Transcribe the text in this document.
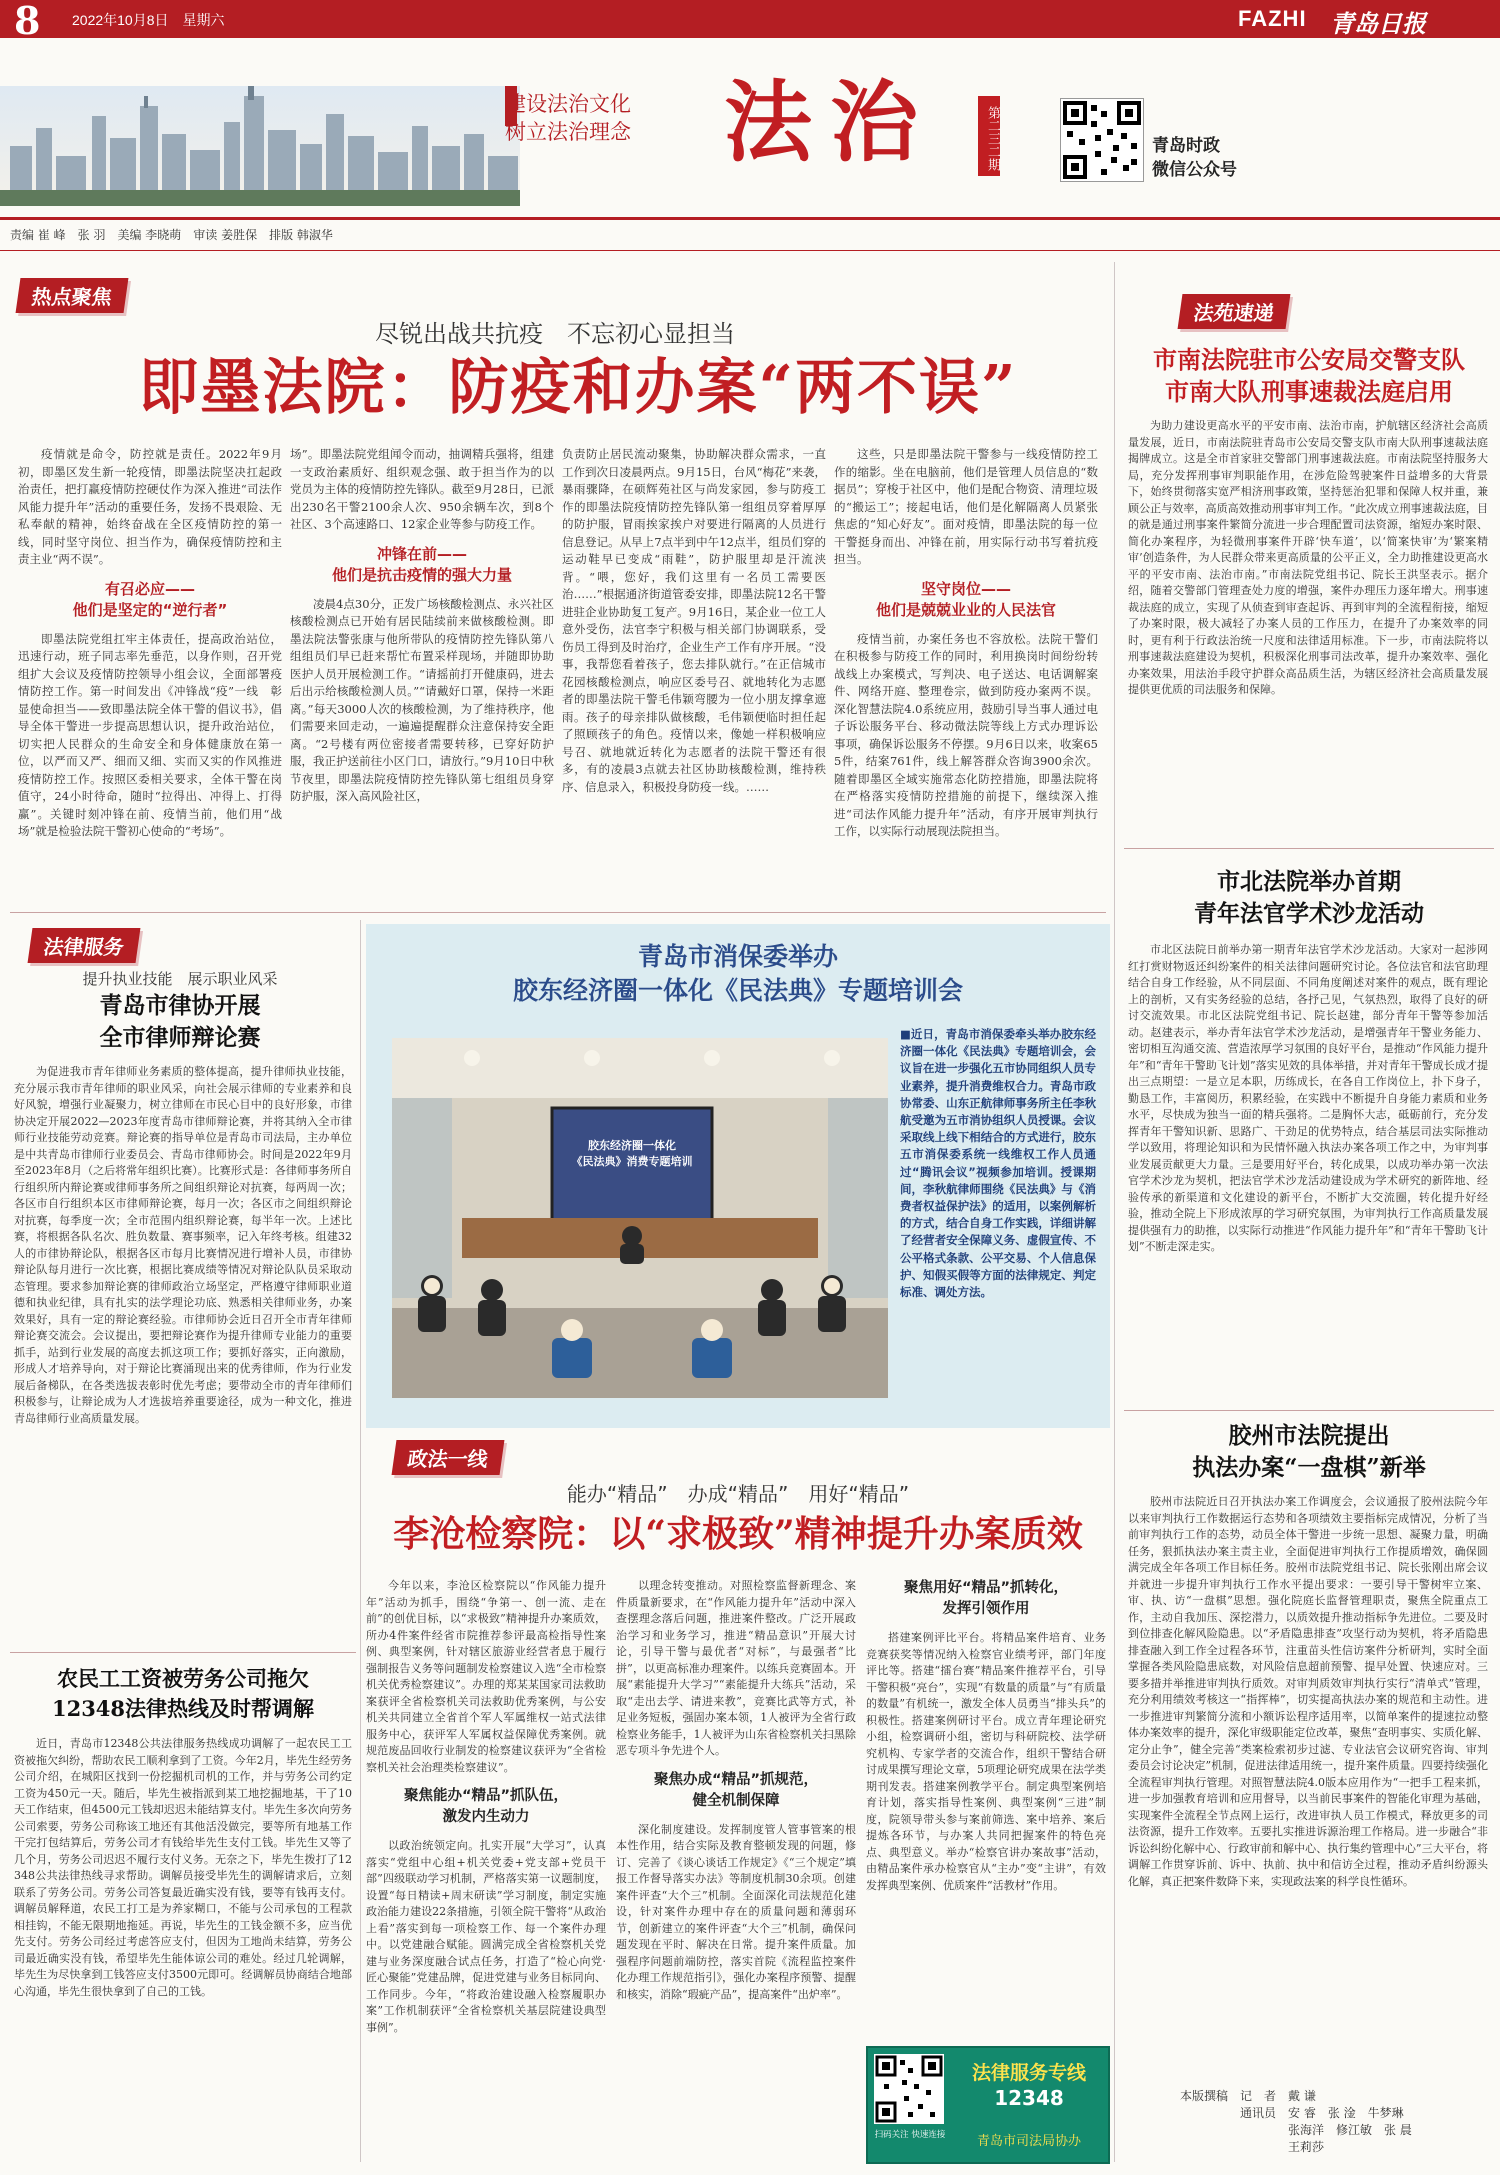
8 2022年10月8日　星期六	FAZHI 青岛日报
建设法治文化
树立法治理念 法治	第二三二期	青岛时政
微信公众号
责编 崔 峰　张 羽　美编 李晓萌　审读 姜胜保　排版 韩淑华
热点聚焦
尽锐出战共抗疫　不忘初心显担当
即墨法院：防疫和办案“两不误”

疫情就是命令，防控就是责任。2022年9月初，即墨区发生新一轮疫情，即墨法院坚决扛起政治责任，把打赢疫情防控硬仗作为深入推进“司法作风能力提升年”活动的重要任务，发扬不畏艰险、无私奉献的精神，始终奋战在全区疫情防控的第一线，同时坚守岗位、担当作为，确保疫情防控和主责主业“两不误”。

有召必应——
他们是坚定的“逆行者”

即墨法院党组扛牢主体责任，提高政治站位，迅速行动，班子同志率先垂范，以身作则，召开党组扩大会议及疫情防控领导小组会议，全面部署疫情防控工作。第一时间发出《冲锋战“疫”一线　彰显使命担当——致即墨法院全体干警的倡议书》，倡导全体干警进一步提高思想认识，提升政治站位，切实把人民群众的生命安全和身体健康放在第一位，以严而又严、细而又细、实而又实的作风推进疫情防控工作。按照区委相关要求，全体干警在岗值守，24小时待命，随时“拉得出、冲得上、打得赢”。关键时刻冲锋在前、疫情当前，他们用“战场”就是检验法院干警初心使命的“考场”。

场”。即墨法院党组闻令而动，抽调精兵强将，组建一支政治素质好、组织观念强、敢于担当作为的以党员为主体的疫情防控先锋队。截至9月28日，已派出230名干警2100余人次、950余辆车次，到8个社区、3个高速路口、12家企业等参与防疫工作。

冲锋在前——
他们是抗击疫情的强大力量

凌晨4点30分，正发广场核酸检测点、永兴社区核酸检测点已开始有居民陆续前来做核酸检测。即墨法院法警张康与他所带队的疫情防控先锋队第八组组员们早已赶来帮忙布置采样现场，并随即协助医护人员开展检测工作。“请摇前打开健康码，进去后出示给核酸检测人员。”“请戴好口罩，保持一米距离。”每天3000人次的核酸检测，为了维持秩序，他们需要来回走动，一遍遍提醒群众注意保持安全距离。“2号楼有两位密接者需要转移，已穿好防护服，我正护送前往小区门口，请放行。”9月10日中秋节夜里，即墨法院疫情防控先锋队第七组组员身穿防护服，深入高风险社区，

负责防止居民流动聚集，协助解决群众需求，一直工作到次日凌晨两点。9月15日，台风“梅花”来袭，暴雨骤降，在硕辉苑社区与尚发家园，参与防疫工作的即墨法院疫情防控先锋队第一组组员穿着厚厚的防护服，冒雨挨家挨户对要进行隔离的人员进行信息登记。从早上7点半到中午12点半，组员们穿的运动鞋早已变成“雨鞋”，防护服里却是汗流浃背。“喂，您好，我们这里有一名员工需要医治……”根据通济街道管委安排，即墨法院12名干警进驻企业协助复工复产。9月16日，某企业一位工人意外受伤，法官李宁积极与相关部门协调联系，受伤员工得到及时治疗，企业生产工作有序开展。“没事，我帮您看着孩子，您去排队就行。”在正信城市花园核酸检测点，响应区委号召、就地转化为志愿者的即墨法院干警毛伟颖弯腰为一位小朋友撑拿遮雨。孩子的母亲排队做核酸，毛伟颖便临时担任起了照顾孩子的角色。疫情以来，像她一样积极响应号召、就地就近转化为志愿者的法院干警还有很多，有的凌晨3点就去社区协助核酸检测，维持秩序、信息录入，积极投身防疫一线。……

这些，只是即墨法院干警参与一线疫情防控工作的缩影。坐在电脑前，他们是管理人员信息的“数据员”；穿梭于社区中，他们是配合物资、清理垃圾的“搬运工”；接起电话，他们是化解隔离人员紧张焦虑的“知心好友”。面对疫情，即墨法院的每一位干警挺身而出、冲锋在前，用实际行动书写着抗疫担当。

坚守岗位——
他们是兢兢业业的人民法官

疫情当前，办案任务也不容放松。法院干警们在积极参与防疫工作的同时，利用换岗时间纷纷转战线上办案模式，写判决、电子送达、电话调解案件、网络开庭、整理卷宗，做到防疫办案两不误。深化智慧法院4.0系统应用，鼓励引导当事人通过电子诉讼服务平台、移动微法院等线上方式办理诉讼事项，确保诉讼服务不停摆。9月6日以来，收案655件，结案761件，线上解答群众咨询3900余次。随着即墨区全域实施常态化防控措施，即墨法院将在严格落实疫情防控措施的前提下，继续深入推进“司法作风能力提升年”活动，有序开展审判执行工作，以实际行动展现法院担当。

法苑速递
市南法院驻市公安局交警支队
市南大队刑事速裁法庭启用

为助力建设更高水平的平安市南、法治市南，护航辖区经济社会高质量发展，近日，市南法院驻青岛市公安局交警支队市南大队刑事速裁法庭揭牌成立。这是全市首家驻交警部门刑事速裁法庭。市南法院坚持服务大局，充分发挥刑事审判职能作用，在涉危险驾驶案件日益增多的大背景下，始终贯彻落实宽严相济刑事政策，坚持惩治犯罪和保障人权并重，兼顾公正与效率，高质高效推动刑事审判工作。“此次成立刑事速裁法庭，目的就是通过刑事案件繁简分流进一步合理配置司法资源，缩短办案时限、简化办案程序，为轻微刑事案件开辟‘快车道’，以‘简案快审’为‘繁案精审’创造条件，为人民群众带来更高质量的公平正义，全力助推建设更高水平的平安市南、法治市南。”市南法院党组书记、院长王洪坚表示。据介绍，随着交警部门管理查处力度的增强，案件办理压力逐年增大。刑事速裁法庭的成立，实现了从侦查到审查起诉、再到审判的全流程衔接，缩短了办案时限，极大减轻了办案人员的工作压力，在提升了办案效率的同时，更有利于行政法治统一尺度和法律适用标准。下一步，市南法院将以刑事速裁法庭建设为契机，积极深化刑事司法改革，提升办案效率、强化办案效果，用法治手段守护群众高品质生活，为辖区经济社会高质量发展提供更优质的司法服务和保障。

市北法院举办首期
青年法官学术沙龙活动

市北区法院日前举办第一期青年法官学术沙龙活动。大家对一起涉网红打赏财物返还纠纷案件的相关法律问题研究讨论。各位法官和法官助理结合自身工作经验，从不同层面、不同角度阐述对案件的观点，既有理论上的剖析，又有实务经验的总结，各抒己见，气氛热烈，取得了良好的研讨交流效果。市北区法院党组书记、院长赵建，部分青年干警等参加活动。赵建表示，举办青年法官学术沙龙活动，是增强青年干警业务能力、密切相互沟通交流、营造浓厚学习氛围的良好平台，是推动“作风能力提升年”和“青年干警助飞计划”落实见效的具体举措，并对青年干警成长成才提出三点期望：一是立足本职，历练成长，在各自工作岗位上，扑下身子，勤恳工作，丰富阅历，积累经验，在实践中不断提升自身能力素质和业务水平，尽快成为独当一面的精兵强将。二是胸怀大志，砥砺前行，充分发挥青年干警知识新、思路广、干劲足的优势特点，结合基层司法实际推动学以致用，将理论知识和为民情怀融入执法办案各项工作之中，为审判事业发展贡献更大力量。三是要用好平台，转化成果，以成功举办第一次法官学术沙龙为契机，把法官学术沙龙活动建设成为学术研究的新阵地、经验传承的新渠道和文化建设的新平台，不断扩大交流圈，转化提升好经验，推动全院上下形成浓厚的学习研究氛围，为审判执行工作高质量发展提供强有力的助推，以实际行动推进“作风能力提升年”和“青年干警助飞计划”不断走深走实。

胶州市法院提出
执法办案“一盘棋”新举

胶州市法院近日召开执法办案工作调度会，会议通报了胶州法院今年以来审判执行工作数据运行态势和各项绩效主要指标完成情况，分析了当前审判执行工作的态势，动员全体干警进一步统一思想、凝聚力量，明确任务，狠抓执法办案主责主业，全面促进审判执行工作提质增效，确保圆满完成全年各项工作目标任务。胶州市法院党组书记、院长张刚出席会议并就进一步提升审判执行工作水平提出要求：一要引导干警树牢立案、审、执、访“一盘棋”思想。强化院庭长监督管理职责，聚焦全院重点工作，主动自我加压、深挖潜力，以质效提升推动指标争先进位。二要及时到位排查化解风险隐患。以“矛盾隐患排查”攻坚行动为契机，将矛盾隐患排查融入到工作全过程各环节，注重苗头性信访案件分析研判，实时全面掌握各类风险隐患底数，对风险信息超前预警、提早处置、快速应对。三要多措并举推进审判执行质效。对审判质效审判执行实行“清单式”管理，充分利用绩效考核这一“指挥棒”，切实提高执法办案的规范和主动性。进一步推进审判繁简分流和小额诉讼程序适用率，以简单案件的提速拉动整体办案效率的提升，深化审级职能定位改革，聚焦“查明事实、实质化解、定分止争”，健全完善“类案检索初步过滤、专业法官会议研究咨询、审判委员会讨论决定”机制，促进法律适用统一，提升案件质量。四要持续强化全流程审判执行管理。对照智慧法院4.0版本应用作为“一把手工程来抓，进一步加强教育培训和应用督导，以当前民事案件的智能化审理为基础，实现案件全流程全节点网上运行，改进审执人员工作模式，释放更多的司法资源，提升工作效率。五要扎实推进诉源治理工作格局。进一步融合“非诉讼纠纷化解中心、行政审前和解中心、执行集约管理中心”三大平台，将调解工作贯穿诉前、诉中、执前、执中和信访全过程，推动矛盾纠纷源头化解，真正把案件数降下来，实现政法案的科学良性循环。

本版撰稿　记　者　戴 谦
　　　　　通讯员　安 睿　张 淦　牛梦琳
　　　　　　　　　张海洋　修江敏　张 晨
　　　　　　　　　王莉莎
法律服务
提升执业技能　展示职业风采
青岛市律协开展
全市律师辩论赛

为促进我市青年律师业务素质的整体提高，提升律师执业技能，充分展示我市青年律师的职业风采，向社会展示律师的专业素养和良好风貌，增强行业凝聚力，树立律师在市民心目中的良好形象，市律协决定开展2022—2023年度青岛市律师辩论赛，并将其纳入全市律师行业技能劳动竞赛。辩论赛的指导单位是青岛市司法局，主办单位是中共青岛市律师行业委员会、青岛市律师协会。时间是2022年9月至2023年8月（之后将常年组织比赛）。比赛形式是：各律师事务所自行组织所内辩论赛或律师事务所之间组织辩论对抗赛，每两周一次；各区市自行组织本区市律师辩论赛，每月一次；各区市之间组织辩论对抗赛，每季度一次；全市范围内组织辩论赛，每半年一次。上述比赛，将根据各队名次、胜负数量、赛事频率，记入年终考核。组建32人的市律协辩论队，根据各区市每月比赛情况进行增补人员，市律协辩论队每月进行一次比赛，根据比赛成绩等情况对辩论队队员采取动态管理。要求参加辩论赛的律师政治立场坚定，严格遵守律师职业道德和执业纪律，具有扎实的法学理论功底、熟悉相关律师业务，办案效果好，具有一定的辩论赛经验。市律师协会近日召开全市青年律师辩论赛交流会。会议提出，要把辩论赛作为提升律师专业能力的重要抓手，站到行业发展的高度去抓这项工作；要抓好落实，正向激励，形成人才培养导向，对于辩论比赛涌现出来的优秀律师，作为行业发展后备梯队，在各类选拔表彰时优先考虑；要带动全市的青年律师们积极参与，让辩论成为人才选拔培养重要途径，成为一种文化，推进青岛律师行业高质量发展。

农民工工资被劳务公司拖欠
12348法律热线及时帮调解

近日，青岛市12348公共法律服务热线成功调解了一起农民工工资被拖欠纠纷，帮助农民工顺利拿到了工资。今年2月，毕先生经劳务公司介绍，在城阳区找到一份挖掘机司机的工作，并与劳务公司约定工资为450元一天。随后，毕先生被指派到某工地挖掘地基，干了10天工作结束，但4500元工钱却迟迟未能结算支付。毕先生多次向劳务公司索要，劳务公司称该工地还有其他活没做完，要等所有地基工作干完打包结算后，劳务公司才有钱给毕先生支付工钱。毕先生又等了几个月，劳务公司迟迟不履行支付义务。无奈之下，毕先生拨打了12348公共法律热线寻求帮助。调解员接受毕先生的调解请求后，立刻联系了劳务公司。劳务公司答复最近确实没有钱，要等有钱再支付。调解员解释道，农民工打工是为养家糊口，不能与公司承包的工程款相挂钩，不能无限期地拖延。再说，毕先生的工钱金额不多，应当优先支付。劳务公司经过考虑答应支付，但因为工地尚未结算，劳务公司最近确实没有钱，希望毕先生能体谅公司的难处。经过几轮调解，毕先生为尽快拿到工钱答应支付3500元即可。经调解员协商结合地部心沟通，毕先生很快拿到了自己的工钱。

青岛市消保委举办
胶东经济圈一体化《民法典》专题培训会
胶东经济圈一体化
《民法典》消费专题培训
■近日，青岛市消保委牵头举办胶东经济圈一体化《民法典》专题培训会，会议旨在进一步强化五市协同组织人员专业素养，提升消费维权合力。青岛市政协常委、山东正航律师事务所主任李秋航受邀为五市消协组织人员授课。会议采取线上线下相结合的方式进行，胶东五市消保委系统一线维权工作人员通过“腾讯会议”视频参加培训。授课期间，李秋航律师围绕《民法典》与《消费者权益保护法》的适用，以案例解析的方式，结合自身工作实践，详细讲解了经营者安全保障义务、虚假宣传、不公平格式条款、公平交易、个人信息保护、知假买假等方面的法律规定、判定标准、调处方法。
政法一线
能办“精品”　办成“精品”　用好“精品”
李沧检察院：以“求极致”精神提升办案质效

今年以来，李沧区检察院以“作风能力提升年”活动为抓手，围绕“争第一、创一流、走在前”的创优目标，以“求极致”精神提升办案质效，所办4件案件经省市院推荐参评最高检指导性案例、典型案例，针对辖区旅游业经营者息于履行强制报告义务等问题制发检察建议入选“全市检察机关优秀检察建议”。办理的郑某某国家司法救助案获评全省检察机关司法救助优秀案例，与公安机关共同建立全省首个军人军属维权一站式法律服务中心，获评军人军属权益保障优秀案例。就规范废品回收行业制发的检察建议获评为“全省检察机关社会治理类检察建议”。

聚焦能办“精品”抓队伍，
激发内生动力

以政治统领定向。扎实开展“大学习”，认真落实“党组中心组+机关党委+党支部+党员干部”四级联动学习机制，严格落实第一议题制度，设置“每日精读+周末研读”学习制度，制定实施政治能力建设22条措施，引领全院干警将“从政治上看”落实到每一项检察工作、每一个案件办理中。以党建融合赋能。圆满完成全省检察机关党建与业务深度融合试点任务，打造了“检心向党·匠心聚能”党建品牌，促进党建与业务目标同向、工作同步。今年，“将政治建设融入检察履职办案”工作机制获评“全省检察机关基层院建设典型事例”。

以理念转变推动。对照检察监督新理念、案件质量新要求，在“作风能力提升年”活动中深入查摆理念落后问题，推进案件整改。广泛开展政治学习和业务学习，推进“精品意识”开展大讨论，引导干警与最优者“对标”，与最强者“比拼”，以更高标准办理案件。以练兵竞赛固本。开展“素能提升大学习”“素能提升大练兵”活动，采取“走出去学、请进来教”，竞赛比武等方式，补足业务短板，强固办案本领，1人被评为全省行政检察业务能手，1人被评为山东省检察机关扫黑除恶专项斗争先进个人。

聚焦办成“精品”抓规范，
健全机制保障

深化制度建设。发挥制度管人管事管案的根本性作用，结合实际及教育整顿发现的问题，修订、完善了《谈心谈话工作规定》《“三个规定”填报工作督导落实办法》等制度机制30余项。创建案件评查“大个三”机制。全面深化司法规范化建设，针对案件办理中存在的质量问题和薄弱环节，创新建立的案件评查“大个三”机制，确保问题发现在平时、解决在日常。提升案件质量。加强程序问题前端防控，落实首院《流程监控案件化办理工作规范指引》，强化办案程序预警、提醒和核实，消除“瑕疵产品”，提高案件“出炉率”。

聚焦用好“精品”抓转化，
发挥引领作用

搭建案例评比平台。将精品案件培育、业务竞赛获奖等情况纳入检察官业绩考评，部门年度评比等。搭建“擂台赛”精品案件推荐平台，引导干警积极“亮台”，实现“有数量的质量”与“有质量的数量”有机统一，激发全体人员勇当“排头兵”的积极性。搭建案例研讨平台。成立青年理论研究小组，检察调研小组，密切与科研院校、法学研究机构、专家学者的交流合作，组织干警结合研讨成果撰写理论文章，5项理论研究成果在法学类期刊发表。搭建案例教学平台。制定典型案例培育计划，落实指导性案例、典型案例“三进”制度，院领导带头参与案前筛选、案中培养、案后提炼各环节，与办案人共同把握案件的特色亮点、典型意义。举办“检察官讲办案故事”活动，由精品案件承办检察官从“主办”变“主讲”，有效发挥典型案例、优质案件“活教材”作用。

扫码关注 快速连接
法律服务专线
12348
青岛市司法局协办
